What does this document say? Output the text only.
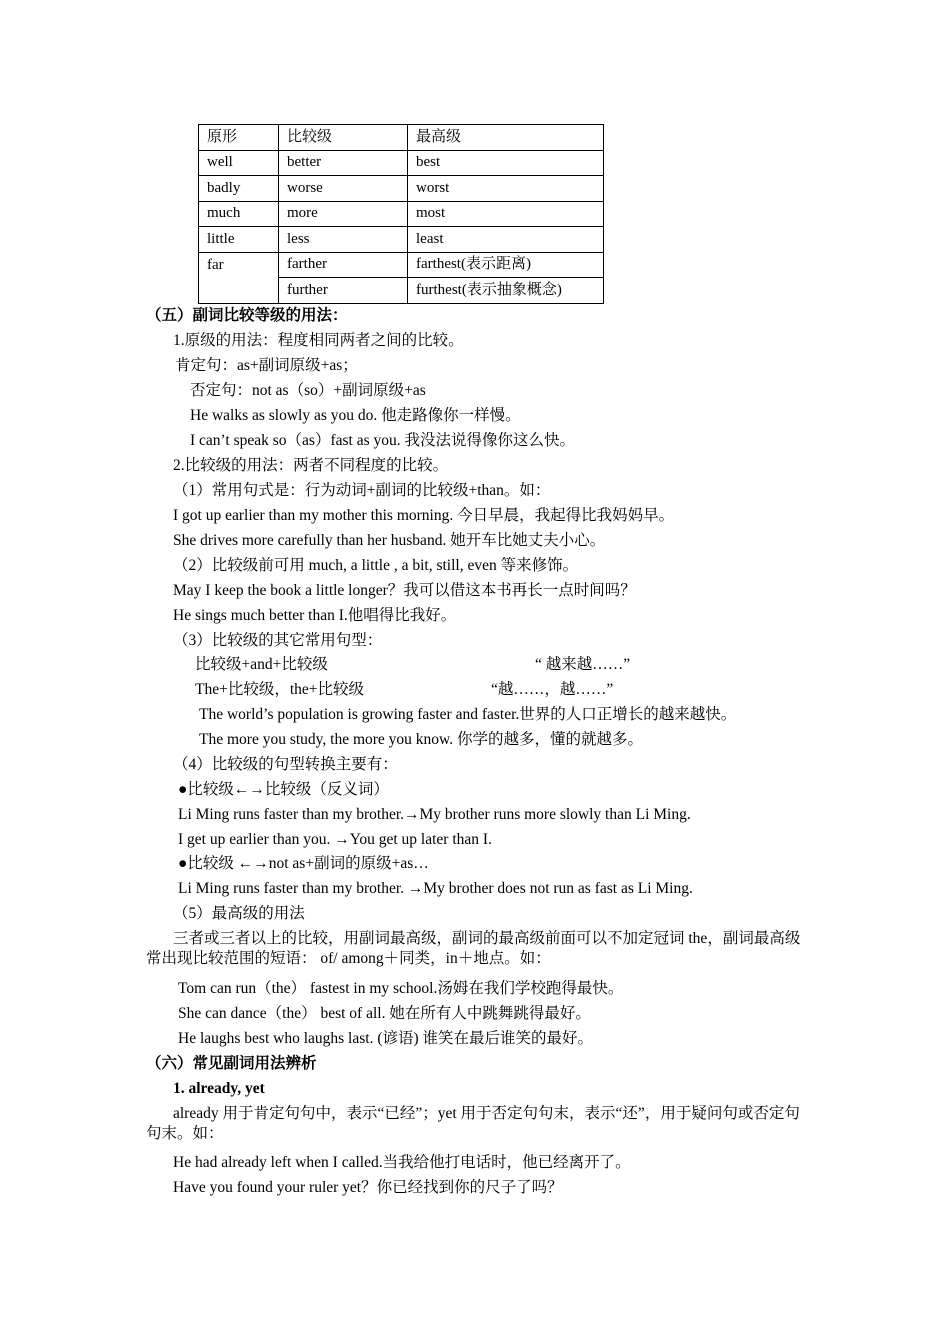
原形	比较级	最高级
well	better	best
badly	worse	worst
much	more	most
little	less	least
far	farther	farthest(表示距离)
	further	furthest(表示抽象概念)
（五）副词比较等级的用法：
1.原级的用法：程度相同两者之间的比较。
肯定句：as+副词原级+as；
否定句：not as（so）+副词原级+as
He walks as slowly as you do. 他走路像你一样慢。
I can’t speak so（as）fast as you. 我没法说得像你这么快。
2.比较级的用法：两者不同程度的比较。
（1）常用句式是：行为动词+副词的比较级+than。如：
I got up earlier than my mother this morning. 今日早晨，我起得比我妈妈早。
She drives more carefully than her husband. 她开车比她丈夫小心。
（2）比较级前可用 much, a little , a bit, still, even 等来修饰。
May I keep the book a little longer？我可以借这本书再长一点时间吗？
He sings much better than I.他唱得比我好。
（3）比较级的其它常用句型：
比较级+and+比较级	“ 越来越……”
The+比较级，the+比较级	“越……，越……”
The world’s population is growing faster and faster.世界的人口正增长的越来越快。
The more you study, the more you know. 你学的越多，懂的就越多。
（4）比较级的句型转换主要有：
●比较级←→比较级（反义词）
Li Ming runs faster than my brother.→My brother runs more slowly than Li Ming.
I get up earlier than you. →You get up later than I.
●比较级 ←→not as+副词的原级+as…
Li Ming runs faster than my brother. →My brother does not run as fast as Li Ming.
（5）最高级的用法
三者或三者以上的比较，用副词最高级，副词的最高级前面可以不加定冠词 the，副词最高级常出现比较范围的短语： of/ among＋同类，in＋地点。如：
Tom can run（the） fastest in my school.汤姆在我们学校跑得最快。
She can dance（the） best of all. 她在所有人中跳舞跳得最好。
He laughs best who laughs last. (谚语) 谁笑在最后谁笑的最好。
（六）常见副词用法辨析
1. already, yet
already 用于肯定句句中，表示“已经”；yet 用于否定句句末，表示“还”，用于疑问句或否定句句末。如：
He had already left when I called.当我给他打电话时，他已经离开了。
Have you found your ruler yet？你已经找到你的尺子了吗？
